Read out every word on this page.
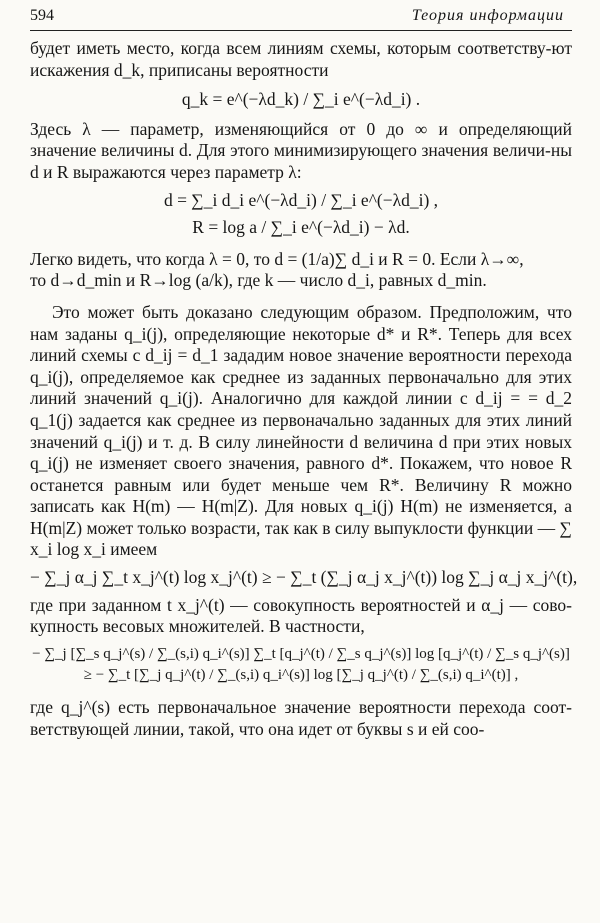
594	Теория информации

будет иметь место, когда всем линиям схемы, которым соответству-ют искажения d_k, приписаны вероятности

q_k = e^(−λd_k) / ∑_i e^(−λd_i) .

Здесь λ — параметр, изменяющийся от 0 до ∞ и определяющий значение величины d. Для этого минимизирующего значения величи-ны d и R выражаются через параметр λ:

d = ∑_i d_i e^(−λd_i) / ∑_i e^(−λd_i) ,
R = log a / ∑_i e^(−λd_i) − λd.

Легко видеть, что когда λ = 0, то d = (1/a)∑ d_i и R = 0. Если λ→∞,

то d→d_min и R→log (a/k), где k — число d_i, равных d_min.

Это может быть доказано следующим образом. Предположим, что нам заданы q_i(j), определяющие некоторые d* и R*. Теперь для всех линий схемы с d_ij = d_1 зададим новое значение вероятности перехода q_i(j), определяемое как среднее из заданных первоначально для этих линий значений q_i(j). Аналогично для каждой линии с d_ij = = d_2 q_1(j) задается как среднее из первоначально заданных для этих линий значений q_i(j) и т. д. В силу линейности d величина d при этих новых q_i(j) не изменяет своего значения, равного d*. Покажем, что новое R останется равным или будет меньше чем R*. Величину R можно записать как H(m) — H(m|Z). Для новых q_i(j) H(m) не изменяется, а H(m|Z) может только возрасти, так как в силу выпуклости функции — ∑ x_i log x_i имеем

− ∑_j α_j ∑_t x_j^(t) log x_j^(t) ≥ − ∑_t (∑_j α_j x_j^(t)) log ∑_j α_j x_j^(t),

где при заданном t x_j^(t) — совокупность вероятностей и α_j — сово-купность весовых множителей. В частности,

− ∑_j [∑_s q_j^(s) / ∑_(s,i) q_i^(s)] ∑_t [q_j^(t) / ∑_s q_j^(s)] log [q_j^(t) / ∑_s q_j^(s)] ≥ − ∑_t [∑_j q_j^(t) / ∑_(s,i) q_i^(s)] log [∑_j q_j^(t) / ∑_(s,i) q_i^(t)] ,

где q_j^(s) есть первоначальное значение вероятности перехода соот-ветствующей линии, такой, что она идет от буквы s и ей соо-
